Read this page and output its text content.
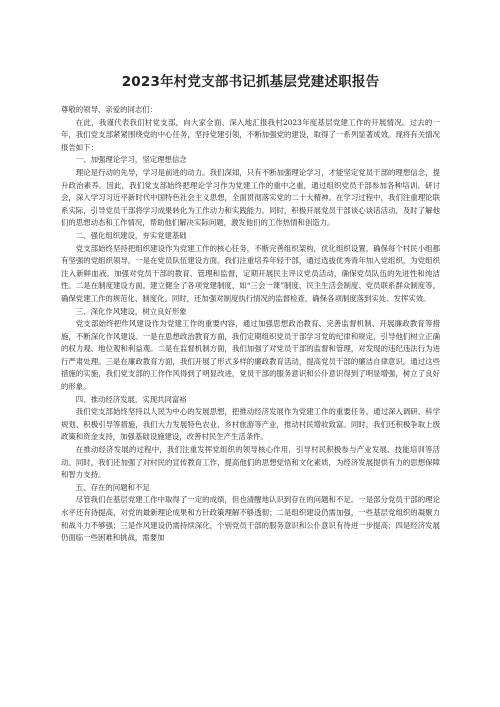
2023年村党支部书记抓基层党建述职报告

尊敬的领导、亲爱的同志们：

在此，我谨代表我们村党支部，向大家全面、深入地汇报我村2023年度基层党建工作的开展情况。过去的一年，我们党支部紧紧围绕党的中心任务，坚持党建引领，不断加强党的建设，取得了一系列显著成效。现将有关情况报告如下：

一、加强理论学习，坚定理想信念

理论是行动的先导，学习是前进的动力。我们深知，只有不断加强理论学习，才能坚定党员干部的理想信念，提升政治素养。因此，我们党支部始终把理论学习作为党建工作的重中之重，通过组织党员干部参加各种培训、研讨会，深入学习习近平新时代中国特色社会主义思想，全面贯彻落实党的二十大精神。在学习过程中，我们注重理论联系实际，引导党员干部将学习成果转化为工作动力和实践能力。同时，积极开展党员干部谈心谈话活动，及时了解他们的思想动态和工作情况，帮助他们解决实际问题，激发他们的工作热情和创造力。

二、强化组织建设，夯实党建基础

党支部始终坚持把组织建设作为党建工作的核心任务，不断完善组织架构，优化组织设置，确保每个村民小组都有坚强的党组织领导。一是在党员队伍建设方面。我们注重培养年轻干部，通过选拔优秀青年加入党组织，为党组织注入新鲜血液。加强对党员干部的教育、管理和监督，定期开展民主评议党员活动，确保党员队伍的先进性和纯洁性。二是在制度建设方面。建立健全了各项党建制度，如“三会一课”制度、民主生活会制度、党员联系群众制度等，确保党建工作的规范化、制度化。同时，还加强对制度执行情况的监督检查，确保各项制度落到实处、发挥实效。

三、深化作风建设，树立良好形象

党支部始终把作风建设作为党建工作的重要内容，通过加强思想政治教育、完善监督机制、开展廉政教育等措施，不断深化作风建设。一是在思想政治教育方面，我们定期组织党员干部学习党的纪律和规定，引导他们树立正确的权力观、地位观和利益观。二是在监督机制方面，我们加强了对党员干部的监督和管理，对发现的违纪违法行为进行严肃处理。三是在廉政教育方面，我们开展了形式多样的廉政教育活动，提高党员干部的廉洁自律意识。通过这些措施的实施，我们党支部的工作作风得到了明显改进，党员干部的服务意识和公仆意识得到了明显增强，树立了良好的形象。

四、推动经济发展，实现共同富裕

我们党支部始终坚持以人民为中心的发展思想，把推动经济发展作为党建工作的重要任务。通过深入调研、科学规划、积极引导等措施，我们大力发展特色农业、乡村旅游等产业，推动村民增收致富。同时，我们还积极争取上级政策和资金支持，加强基础设施建设，改善村民生产生活条件。

在推动经济发展的过程中，我们注重发挥党组织的领导核心作用，引导村民积极参与产业发展、技能培训等活动。同时，我们还加强了对村民的宣传教育工作，提高他们的思想觉悟和文化素质，为经济发展提供有力的思想保障和智力支持。

五、存在的问题和不足

尽管我们在基层党建工作中取得了一定的成绩，但也清醒地认识到存在的问题和不足。一是部分党员干部的理论水平还有待提高，对党的最新理论成果和方针政策理解不够透彻；二是组织建设仍需加强，一些基层党组织的凝聚力和战斗力不够强；三是作风建设仍需持续深化，个别党员干部的服务意识和公仆意识有待进一步提高；四是经济发展仍面临一些困难和挑战，需要加
